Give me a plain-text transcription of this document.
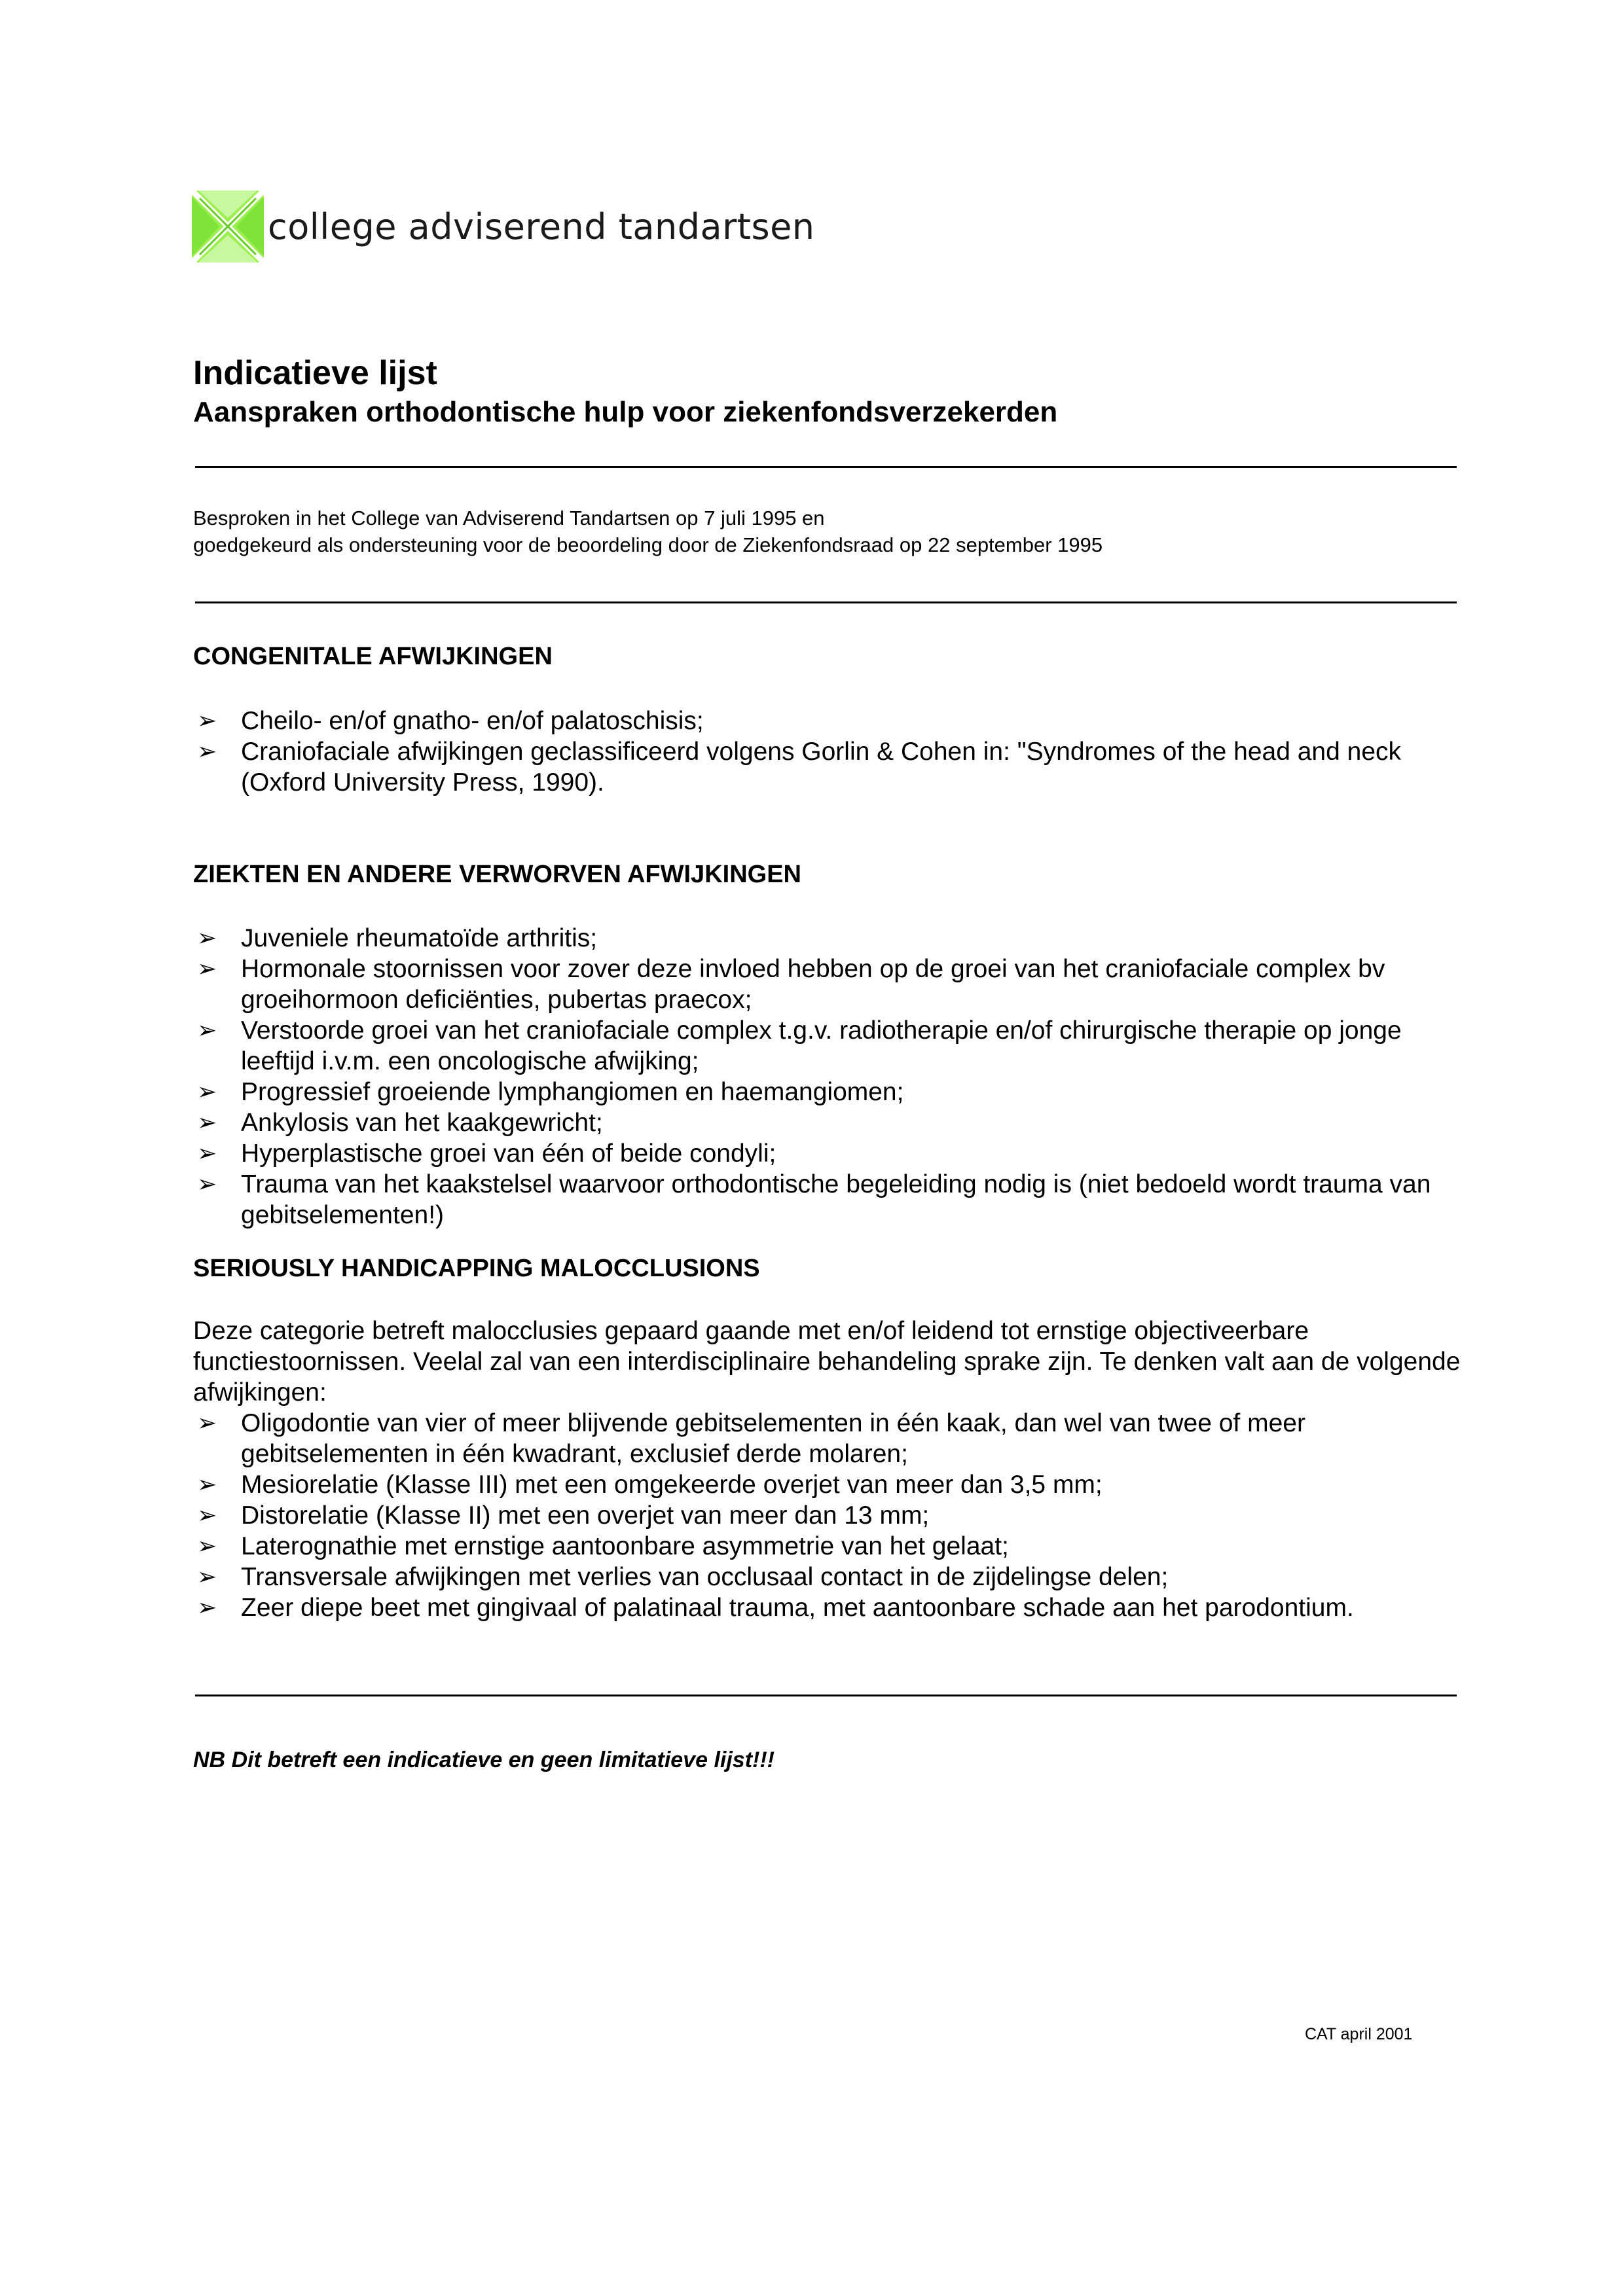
college adviserend tandartsen
Indicatieve lijst
Aanspraken orthodontische hulp voor ziekenfondsverzekerden
Besproken in het College van Adviserend Tandartsen op 7 juli 1995 en
goedgekeurd als ondersteuning voor de beoordeling door de Ziekenfondsraad op 22 september 1995
CONGENITALE AFWIJKINGEN
➢ Cheilo- en/of gnatho- en/of palatoschisis;
➢ Craniofaciale afwijkingen geclassificeerd volgens Gorlin & Cohen in: "Syndromes of the head and neck (Oxford University Press, 1990).
ZIEKTEN EN ANDERE VERWORVEN AFWIJKINGEN
➢ Juveniele rheumatoïde arthritis;
➢ Hormonale stoornissen voor zover deze invloed hebben op de groei van het craniofaciale complex bv groeihormoon deficiënties, pubertas praecox;
➢ Verstoorde groei van het craniofaciale complex t.g.v. radiotherapie en/of chirurgische therapie op jonge leeftijd i.v.m. een oncologische afwijking;
➢ Progressief groeiende lymphangiomen en haemangiomen;
➢ Ankylosis van het kaakgewricht;
➢ Hyperplastische groei van één of beide condyli;
➢ Trauma van het kaakstelsel waarvoor orthodontische begeleiding nodig is (niet bedoeld wordt trauma van gebitselementen!)
SERIOUSLY HANDICAPPING MALOCCLUSIONS
Deze categorie betreft malocclusies gepaard gaande met en/of leidend tot ernstige objectiveerbare functiestoornissen. Veelal zal van een interdisciplinaire behandeling sprake zijn. Te denken valt aan de volgende afwijkingen:
➢ Oligodontie van vier of meer blijvende gebitselementen in één kaak, dan wel van twee of meer gebitselementen in één kwadrant, exclusief derde molaren;
➢ Mesiorelatie (Klasse III) met een omgekeerde overjet van meer dan 3,5 mm;
➢ Distorelatie (Klasse II) met een overjet van meer dan 13 mm;
➢ Laterognathie met ernstige aantoonbare asymmetrie van het gelaat;
➢ Transversale afwijkingen met verlies van occlusaal contact in de zijdelingse delen;
➢ Zeer diepe beet met gingivaal of palatinaal trauma, met aantoonbare schade aan het parodontium.
NB Dit betreft een indicatieve en geen limitatieve lijst!!!
CAT april 2001
